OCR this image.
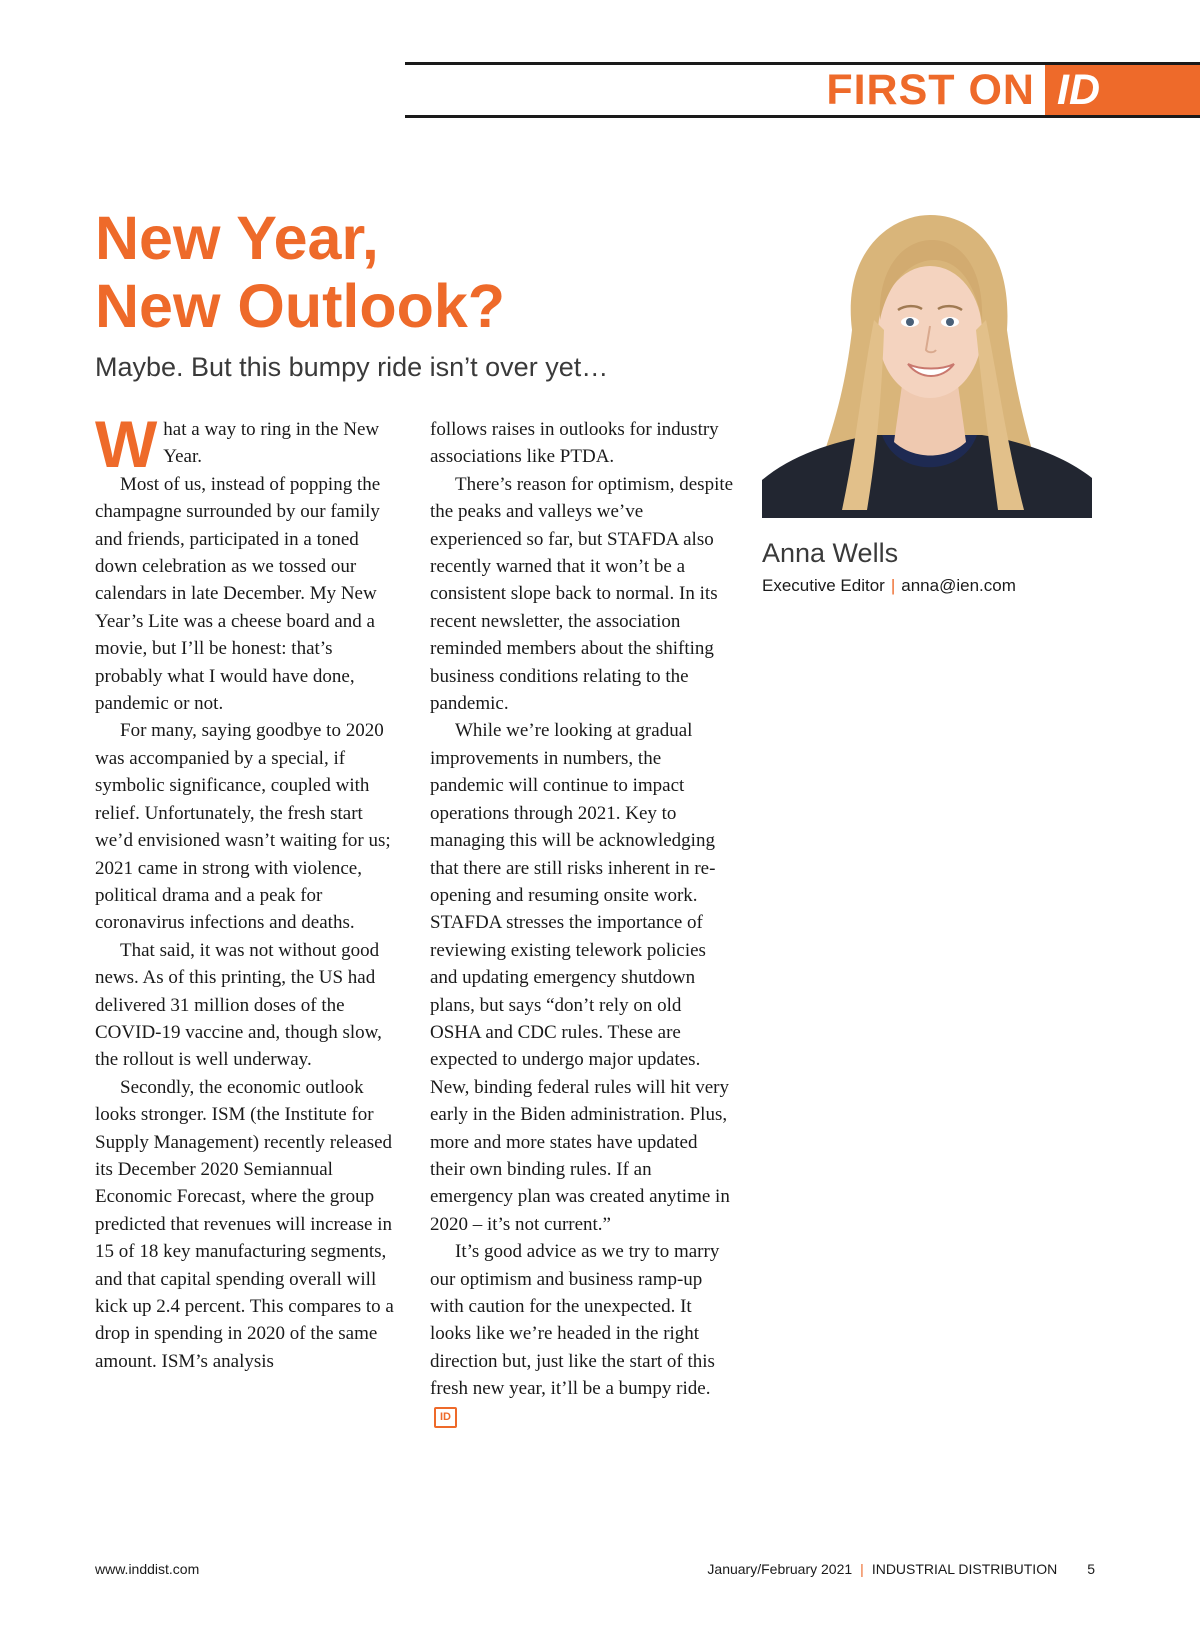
FIRST ON ID
New Year,
New Outlook?

Maybe. But this bumpy ride isn’t over yet…

W hat a way to ring in the New Year.

Most of us, instead of popping the champagne surrounded by our family and friends, participated in a toned down celebration as we tossed our calendars in late December. My New Year’s Lite was a cheese board and a movie, but I’ll be honest: that’s probably what I would have done, pandemic or not.

For many, saying goodbye to 2020 was accompanied by a special, if symbolic significance, coupled with relief. Unfortunately, the fresh start we’d envisioned wasn’t waiting for us; 2021 came in strong with violence, political drama and a peak for coronavirus infections and deaths.

That said, it was not without good news. As of this printing, the US had delivered 31 million doses of the COVID-19 vaccine and, though slow, the rollout is well underway.

Secondly, the economic outlook looks stronger. ISM (the Institute for Supply Management) recently released its December 2020 Semiannual Economic Forecast, where the group predicted that revenues will increase in 15 of 18 key manufacturing segments, and that capital spending overall will kick up 2.4 percent. This compares to a drop in spending in 2020 of the same amount. ISM’s analysis

follows raises in outlooks for industry associations like PTDA.

There’s reason for optimism, despite the peaks and valleys we’ve experienced so far, but STAFDA also recently warned that it won’t be a consistent slope back to normal. In its recent newsletter, the association reminded members about the shifting business conditions relating to the pandemic.

While we’re looking at gradual improvements in numbers, the pandemic will continue to impact operations through 2021. Key to managing this will be acknowledging that there are still risks inherent in re-opening and resuming onsite work. STAFDA stresses the importance of reviewing existing telework policies and updating emergency shutdown plans, but says “don’t rely on old OSHA and CDC rules. These are expected to undergo major updates. New, binding federal rules will hit very early in the Biden administration. Plus, more and more states have updated their own binding rules. If an emergency plan was created anytime in 2020 – it’s not current.”

It’s good advice as we try to marry our optimism and business ramp-up with caution for the unexpected. It looks like we’re headed in the right direction but, just like the start of this fresh new year, it’ll be a bumpy ride.ID

Anna Wells
Executive Editor | anna@ien.com
www.inddist.com	January/February 2021 | INDUSTRIAL DISTRIBUTION 5
